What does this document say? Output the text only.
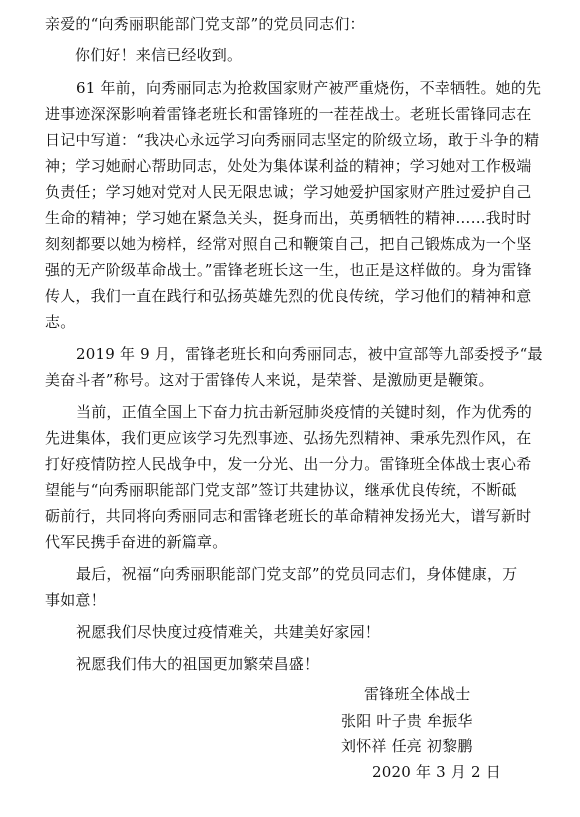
亲爱的“向秀丽职能部门党支部”的党员同志们：
你们好！来信已经收到。
61 年前，向秀丽同志为抢救国家财产被严重烧伤，不幸牺牲。她的先
进事迹深深影响着雷锋老班长和雷锋班的一茬茬战士。老班长雷锋同志在
日记中写道：“我决心永远学习向秀丽同志坚定的阶级立场，敢于斗争的精
神；学习她耐心帮助同志，处处为集体谋利益的精神；学习她对工作极端
负责任；学习她对党对人民无限忠诚；学习她爱护国家财产胜过爱护自己
生命的精神；学习她在紧急关头，挺身而出，英勇牺牲的精神……我时时
刻刻都要以她为榜样，经常对照自己和鞭策自己，把自己锻炼成为一个坚
强的无产阶级革命战士。”雷锋老班长这一生，也正是这样做的。身为雷锋
传人，我们一直在践行和弘扬英雄先烈的优良传统，学习他们的精神和意
志。
2019 年 9 月，雷锋老班长和向秀丽同志，被中宣部等九部委授予“最
美奋斗者”称号。这对于雷锋传人来说，是荣誉、是激励更是鞭策。
当前，正值全国上下奋力抗击新冠肺炎疫情的关键时刻，作为优秀的
先进集体，我们更应该学习先烈事迹、弘扬先烈精神、秉承先烈作风，在
打好疫情防控人民战争中，发一分光、出一分力。雷锋班全体战士衷心希
望能与“向秀丽职能部门党支部”签订共建协议，继承优良传统，不断砥
砺前行，共同将向秀丽同志和雷锋老班长的革命精神发扬光大，谱写新时
代军民携手奋进的新篇章。
最后，祝福“向秀丽职能部门党支部”的党员同志们，身体健康，万
事如意！
祝愿我们尽快度过疫情难关，共建美好家园！
祝愿我们伟大的祖国更加繁荣昌盛！
雷锋班全体战士
张阳 叶子贵 牟振华
刘怀祥 任亮 初黎鹏
2020 年 3 月 2 日
